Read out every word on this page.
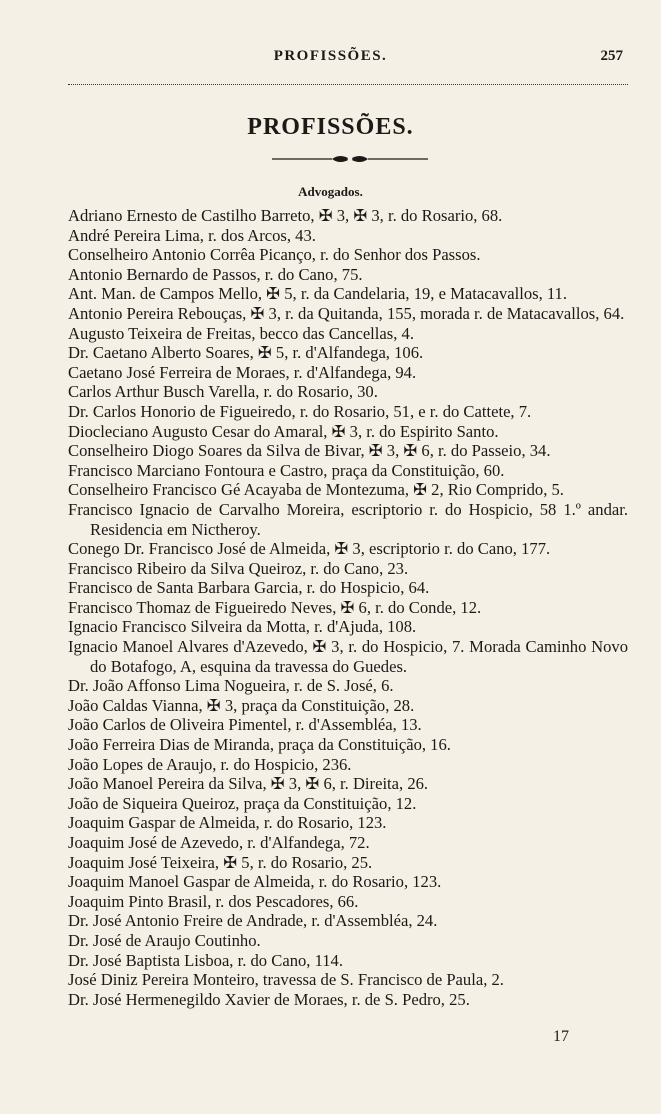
PROFISSÕES.	257
PROFISSÕES.
Advogados.
Adriano Ernesto de Castilho Barreto, ✠ 3, ✠ 3, r. do Rosario, 68.
André Pereira Lima, r. dos Arcos, 43.
Conselheiro Antonio Corrêa Picanço, r. do Senhor dos Passos.
Antonio Bernardo de Passos, r. do Cano, 75.
Ant. Man. de Campos Mello, ✠ 5, r. da Candelaria, 19, e Matacavallos, 11.
Antonio Pereira Rebouças, ✠ 3, r. da Quitanda, 155, morada r. de Matacavallos, 64.
Augusto Teixeira de Freitas, becco das Cancellas, 4.
Dr. Caetano Alberto Soares, ✠ 5, r. d'Alfandega, 106.
Caetano José Ferreira de Moraes, r. d'Alfandega, 94.
Carlos Arthur Busch Varella, r. do Rosario, 30.
Dr. Carlos Honorio de Figueiredo, r. do Rosario, 51, e r. do Cattete, 7.
Diocleciano Augusto Cesar do Amaral, ✠ 3, r. do Espirito Santo.
Conselheiro Diogo Soares da Silva de Bivar, ✠ 3, ✠ 6, r. do Passeio, 34.
Francisco Marciano Fontoura e Castro, praça da Constituição, 60.
Conselheiro Francisco Gé Acayaba de Montezuma, ✠ 2, Rio Comprido, 5.
Francisco Ignacio de Carvalho Moreira, escriptorio r. do Hospicio, 58 1.º andar. Residencia em Nictheroy.
Conego Dr. Francisco José de Almeida, ✠ 3, escriptorio r. do Cano, 177.
Francisco Ribeiro da Silva Queiroz, r. do Cano, 23.
Francisco de Santa Barbara Garcia, r. do Hospicio, 64.
Francisco Thomaz de Figueiredo Neves, ✠ 6, r. do Conde, 12.
Ignacio Francisco Silveira da Motta, r. d'Ajuda, 108.
Ignacio Manoel Alvares d'Azevedo, ✠ 3, r. do Hospicio, 7. Morada Caminho Novo do Botafogo, A, esquina da travessa do Guedes.
Dr. João Affonso Lima Nogueira, r. de S. José, 6.
João Caldas Vianna, ✠ 3, praça da Constituição, 28.
João Carlos de Oliveira Pimentel, r. d'Assembléa, 13.
João Ferreira Dias de Miranda, praça da Constituição, 16.
João Lopes de Araujo, r. do Hospicio, 236.
João Manoel Pereira da Silva, ✠ 3, ✠ 6, r. Direita, 26.
João de Siqueira Queiroz, praça da Constituição, 12.
Joaquim Gaspar de Almeida, r. do Rosario, 123.
Joaquim José de Azevedo, r. d'Alfandega, 72.
Joaquim José Teixeira, ✠ 5, r. do Rosario, 25.
Joaquim Manoel Gaspar de Almeida, r. do Rosario, 123.
Joaquim Pinto Brasil, r. dos Pescadores, 66.
Dr. José Antonio Freire de Andrade, r. d'Assembléa, 24.
Dr. José de Araujo Coutinho.
Dr. José Baptista Lisboa, r. do Cano, 114.
José Diniz Pereira Monteiro, travessa de S. Francisco de Paula, 2.
Dr. José Hermenegildo Xavier de Moraes, r. de S. Pedro, 25.
17
